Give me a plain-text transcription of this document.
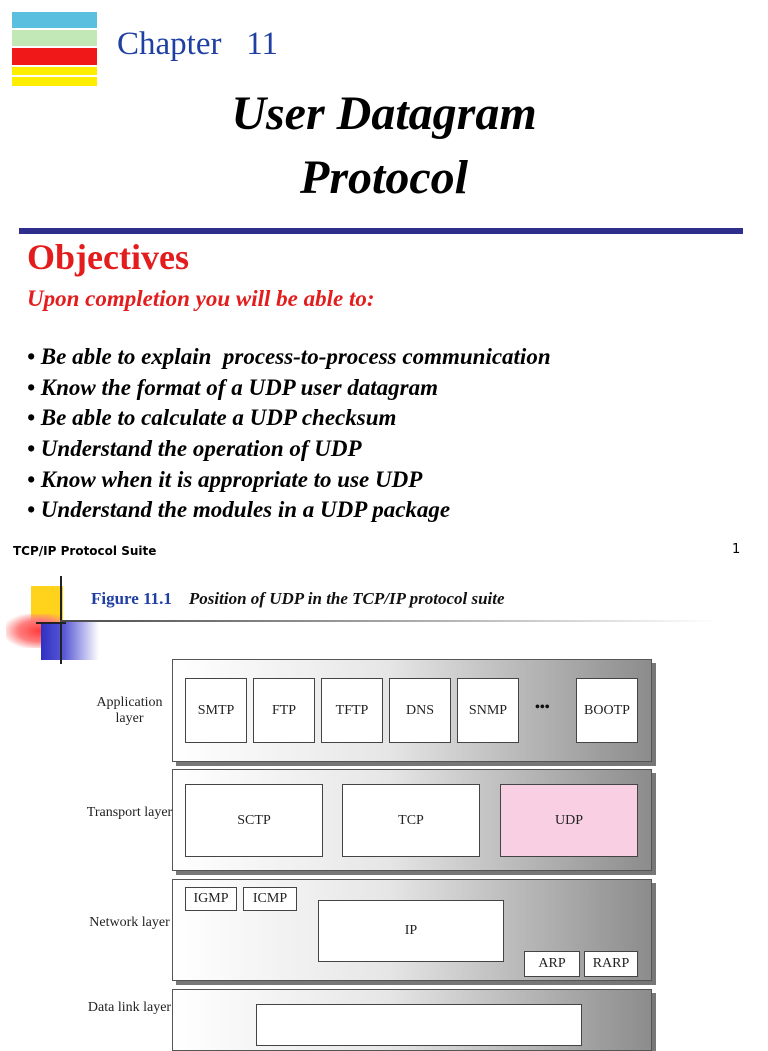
Chapter   11
User Datagram
Protocol
Objectives
Upon completion you will be able to:
• Be able to explain  process-to-process communication
• Know the format of a UDP user datagram
• Be able to calculate a UDP checksum
• Understand the operation of UDP
• Know when it is appropriate to use UDP
• Understand the modules in a UDP package
TCP/IP Protocol Suite	1
Figure 11.1 Position of UDP in the TCP/IP protocol suite
Application layer
SMTP	FTP	TFTP	DNS	SNMP	•••	BOOTP
Transport layer	SCTP	TCP	UDP
Network layer
IGMP	ICMP
IP
ARP	RARP
Data link layer
